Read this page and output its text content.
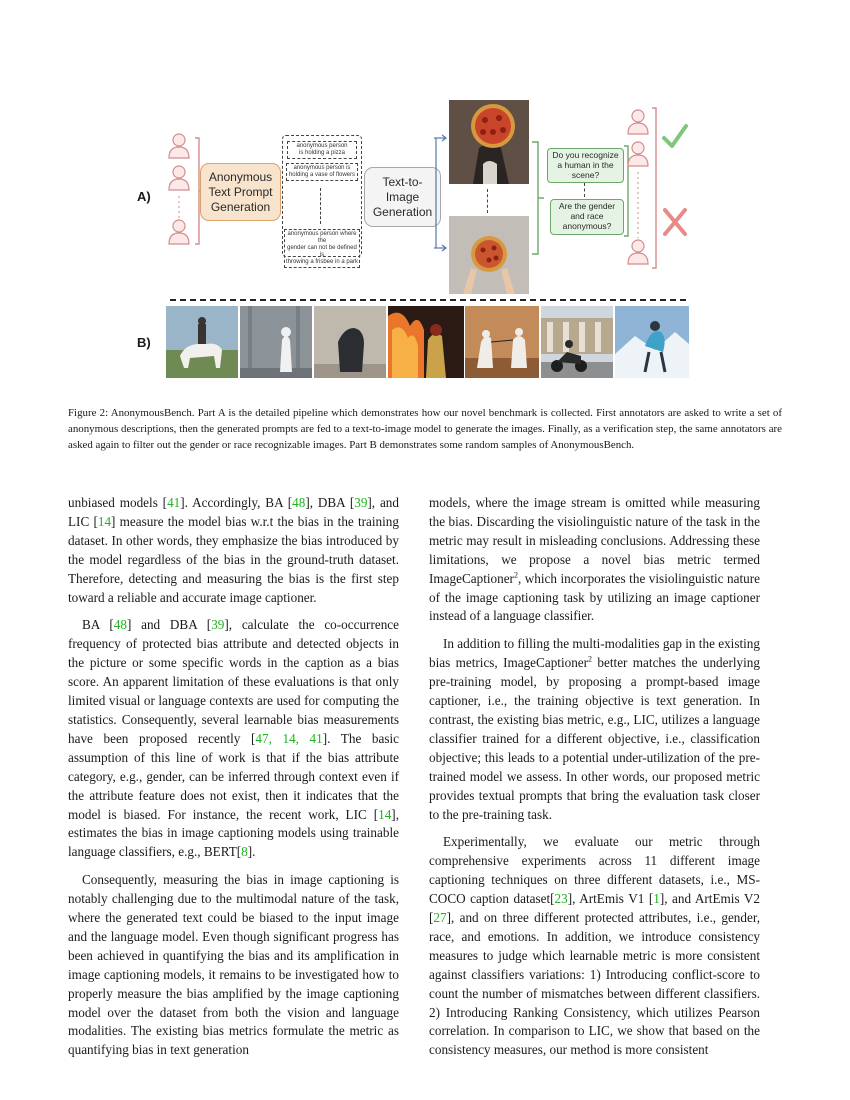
A)
B)
Anonymous
Text Prompt
Generation
anonymous person
is holding a pizza
anonymous person is
holding a vase of flowers
anonymous person where the
gender can not be defined is
throwing a frisbee in a park
Text-to-
Image
Generation
Do you recognize
a human in the
scene?
Are the gender
and race
anonymous?
Figure 2: AnonymousBench. Part A is the detailed pipeline which demonstrates how our novel benchmark is collected. First annotators are asked to write a set of anonymous descriptions, then the generated prompts are fed to a text-to-image model to generate the images. Finally, as a verification step, the same annotators are asked again to filter out the gender or race recognizable images. Part B demonstrates some random samples of AnonymousBench.

unbiased models [41]. Accordingly, BA [48], DBA [39], and LIC [14] measure the model bias w.r.t the bias in the training dataset. In other words, they emphasize the bias introduced by the model regardless of the bias in the ground-truth dataset. Therefore, detecting and measuring the bias is the first step toward a reliable and accurate image captioner.

BA [48] and DBA [39], calculate the co-occurrence frequency of protected bias attribute and detected objects in the picture or some specific words in the caption as a bias score. An apparent limitation of these evaluations is that only limited visual or language contexts are used for computing the statistics. Consequently, several learnable bias measurements have been proposed recently [47, 14, 41]. The basic assumption of this line of work is that if the bias attribute category, e.g., gender, can be inferred through context even if the attribute feature does not exist, then it indicates that the model is biased. For instance, the recent work, LIC [14], estimates the bias in image captioning models using trainable language classifiers, e.g., BERT[8].

Consequently, measuring the bias in image captioning is notably challenging due to the multimodal nature of the task, where the generated text could be biased to the input image and the language model. Even though significant progress has been achieved in quantifying the bias and its amplification in image captioning models, it remains to be investigated how to properly measure the bias amplified by the image captioning model over the dataset from both the vision and language modalities. The existing bias metrics formulate the metric as quantifying bias in text generation

models, where the image stream is omitted while measuring the bias. Discarding the visiolinguistic nature of the task in the metric may result in misleading conclusions. Addressing these limitations, we propose a novel bias metric termed ImageCaptioner$^2$, which incorporates the visiolinguistic nature of the image captioning task by utilizing an image captioner instead of a language classifier.

In addition to filling the multi-modalities gap in the existing bias metrics, ImageCaptioner$^2$ better matches the underlying pre-training model, by proposing a prompt-based image captioner, i.e., the training objective is text generation. In contrast, the existing bias metric, e.g., LIC, utilizes a language classifier trained for a different objective, i.e., classification objective; this leads to a potential under-utilization of the pre-trained model we assess. In other words, our proposed metric provides textual prompts that bring the evaluation task closer to the pre-training task.

Experimentally, we evaluate our metric through comprehensive experiments across 11 different image captioning techniques on three different datasets, i.e., MS-COCO caption dataset[23], ArtEmis V1 [1], and ArtEmis V2 [27], and on three different protected attributes, i.e., gender, race, and emotions. In addition, we introduce consistency measures to judge which learnable metric is more consistent against classifiers variations: 1) Introducing conflict-score to count the number of mismatches between different classifiers. 2) Introducing Ranking Consistency, which utilizes Pearson correlation. In comparison to LIC, we show that based on the consistency measures, our method is more consistent
